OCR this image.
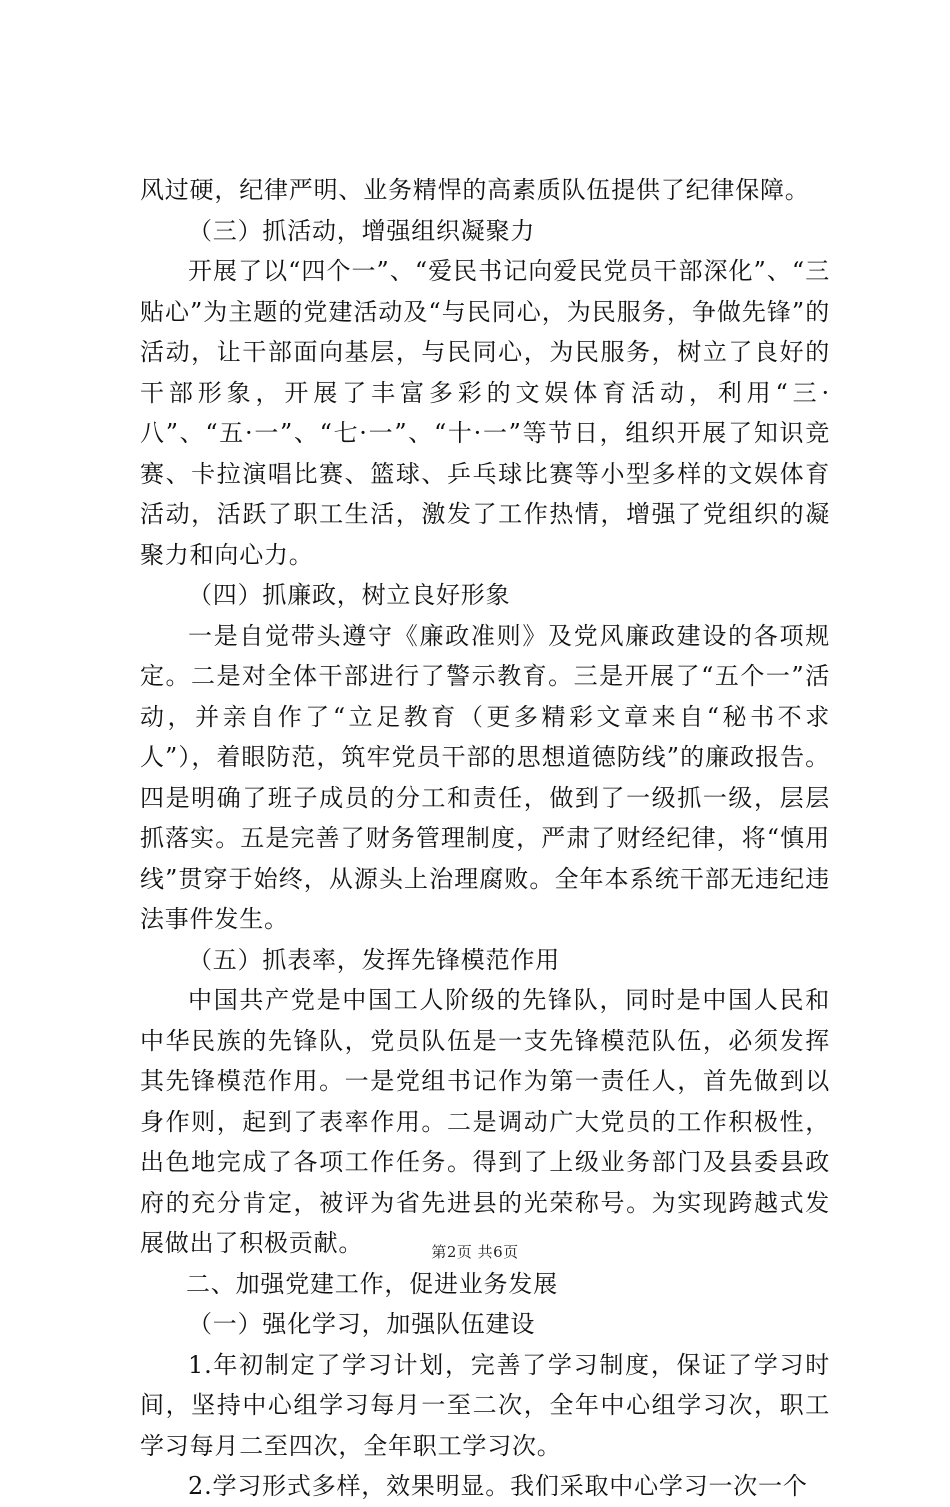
风过硬，纪律严明、业务精悍的高素质队伍提供了纪律保障。

（三）抓活动，增强组织凝聚力

开展了以“四个一”、“爱民书记向爱民党员干部深化”、“三贴心”为主题的党建活动及“与民同心，为民服务，争做先锋”的活动，让干部面向基层，与民同心，为民服务，树立了良好的干部形象，开展了丰富多彩的文娱体育活动，利用“三·八”、“五·一”、“七·一”、“十·一”等节日，组织开展了知识竞赛、卡拉演唱比赛、篮球、乒乓球比赛等小型多样的文娱体育活动，活跃了职工生活，激发了工作热情，增强了党组织的凝聚力和向心力。

（四）抓廉政，树立良好形象

一是自觉带头遵守《廉政准则》及党风廉政建设的各项规定。二是对全体干部进行了警示教育。三是开展了“五个一”活动，并亲自作了“立足教育（更多精彩文章来自“秘书不求人”），着眼防范，筑牢党员干部的思想道德防线”的廉政报告。四是明确了班子成员的分工和责任，做到了一级抓一级，层层抓落实。五是完善了财务管理制度，严肃了财经纪律，将“慎用线”贯穿于始终，从源头上治理腐败。全年本系统干部无违纪违法事件发生。

（五）抓表率，发挥先锋模范作用

中国共产党是中国工人阶级的先锋队，同时是中国人民和中华民族的先锋队，党员队伍是一支先锋模范队伍，必须发挥其先锋模范作用。一是党组书记作为第一责任人，首先做到以身作则，起到了表率作用。二是调动广大党员的工作积极性，出色地完成了各项工作任务。得到了上级业务部门及县委县政府的充分肯定，被评为省先进县的光荣称号。为实现跨越式发展做出了积极贡献。

二、加强党建工作，促进业务发展

（一）强化学习，加强队伍建设

1.年初制定了学习计划，完善了学习制度，保证了学习时间，坚持中心组学习每月一至二次，全年中心组学习次，职工学习每月二至四次，全年职工学习次。

2.学习形式多样，效果明显。我们采取中心学习一次一个

第2页 共6页
